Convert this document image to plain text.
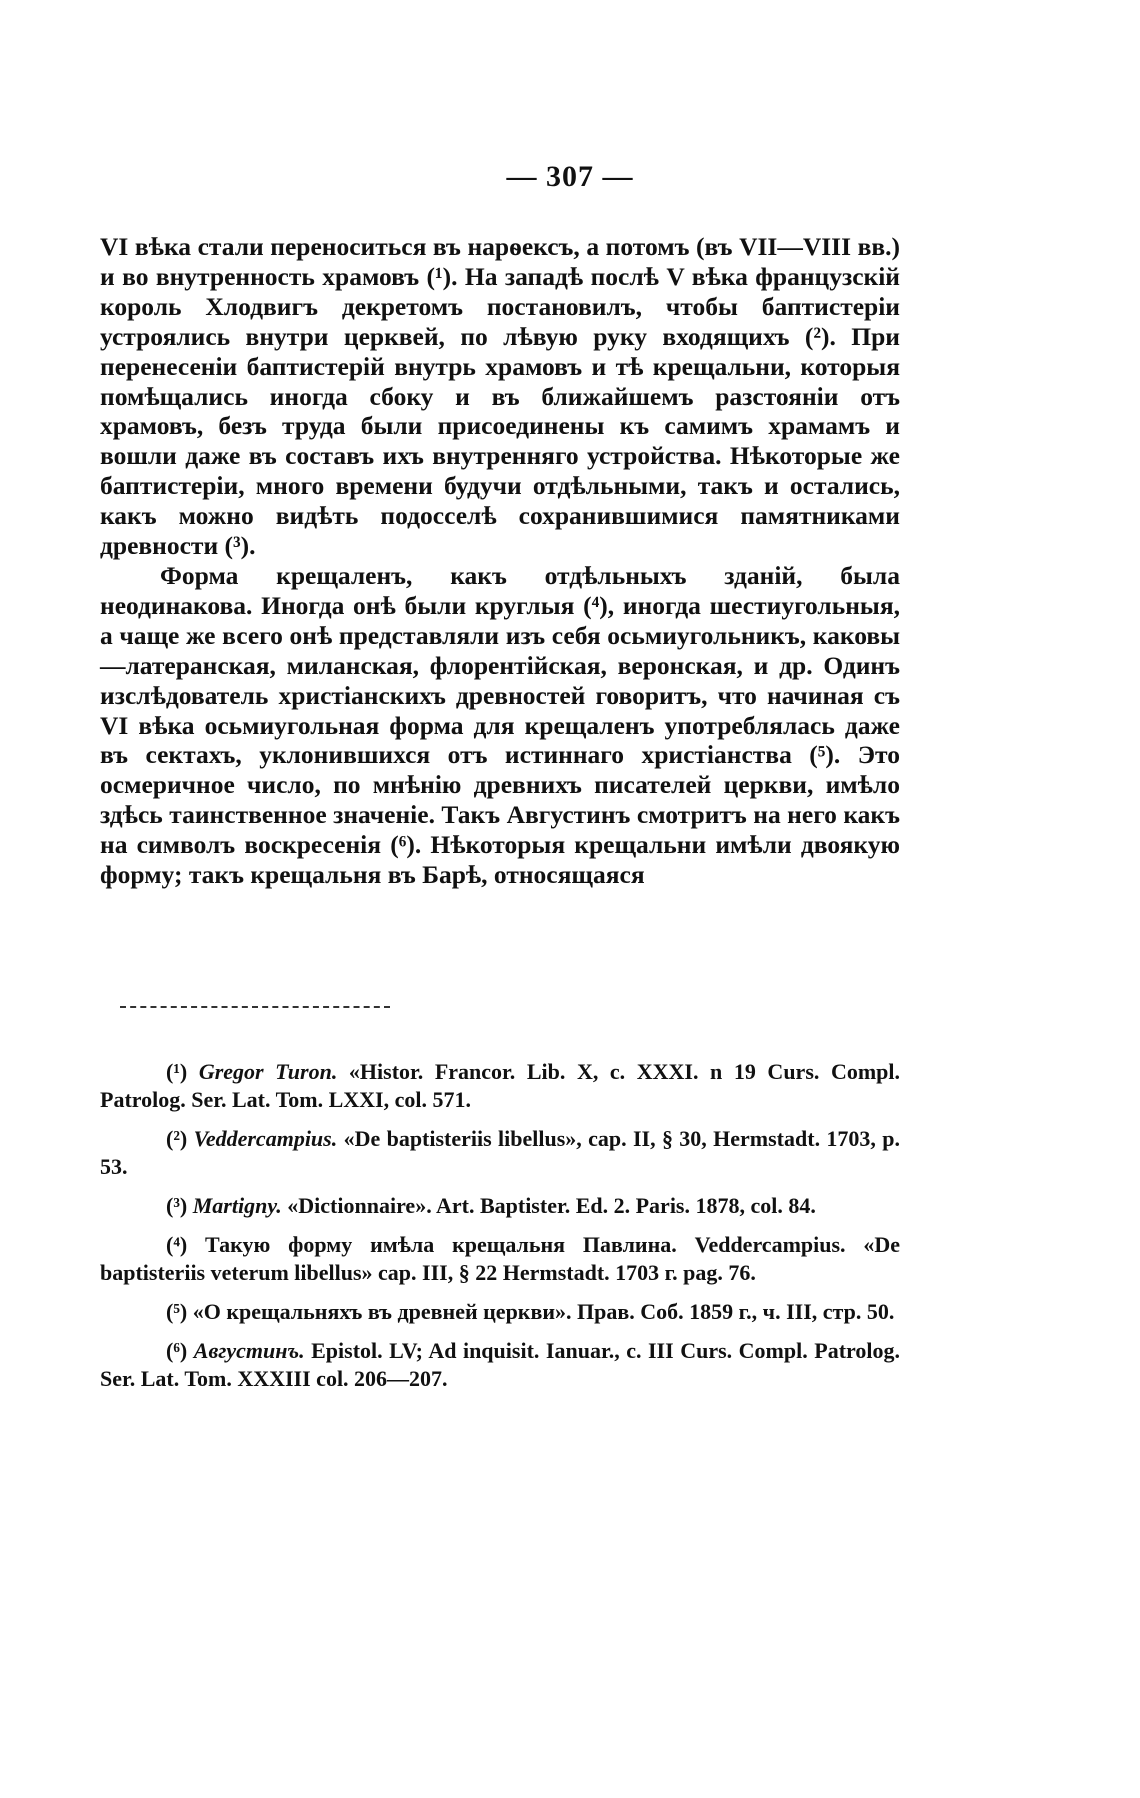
— 307 —

VI вѣка стали переноситься въ нарѳексъ, а потомъ (въ VII—VIII вв.) и во внутренность храмовъ (¹). На западѣ послѣ V вѣка французскій король Хлодвигъ декретомъ постановилъ, чтобы баптистеріи устроялись внутри церквей, по лѣвую руку входящихъ (²). При перенесеніи баптистерій внутрь храмовъ и тѣ крещальни, которыя помѣщались иногда сбоку и въ ближайшемъ разстояніи отъ храмовъ, безъ труда были присоединены къ самимъ храмамъ и вошли даже въ составъ ихъ внутренняго устройства. Нѣкоторые же баптистеріи, много времени будучи отдѣльными, такъ и остались, какъ можно видѣть подосселѣ сохранившимися памятниками древности (³).

Форма крещаленъ, какъ отдѣльныхъ зданій, была неодинакова. Иногда онѣ были круглыя (⁴), иногда шестиугольныя, а чаще же всего онѣ представляли изъ себя осьмиугольникъ, каковы—латеранская, миланская, флорентійская, веронская, и др. Одинъ изслѣдователь христіанскихъ древностей говоритъ, что начиная съ VI вѣка осьмиугольная форма для крещаленъ употреблялась даже въ сектахъ, уклонившихся отъ истиннаго христіанства (⁵). Это осмеричное число, по мнѣнію древнихъ писателей церкви, имѣло здѣсь таинственное значеніе. Такъ Августинъ смотритъ на него какъ на символъ воскресенія (⁶). Нѣкоторыя крещальни имѣли двоякую форму; такъ крещальня въ Барѣ, относящаяся

(¹) Gregor Turon. «Histor. Francor. Lib. X, c. XXXI. n 19 Curs. Compl. Patrolog. Ser. Lat. Tom. LXXI, col. 571.

(²) Veddercampius. «De baptisteriis libellus», cap. II, § 30, Hermstadt. 1703, p. 53.

(³) Martigny. «Dictionnaire». Art. Baptister. Ed. 2. Paris. 1878, col. 84.

(⁴) Такую форму имѣла крещальня Павлина. Veddercampius. «De baptisteriis veterum libellus» cap. III, § 22 Hermstadt. 1703 г. pag. 76.

(⁵) «О крещальняхъ въ древней церкви». Прав. Соб. 1859 г., ч. III, стр. 50.

(⁶) Августинъ. Epistol. LV; Ad inquisit. Ianuar., c. III Curs. Compl. Patrolog. Ser. Lat. Tom. XXXIII col. 206—207.
